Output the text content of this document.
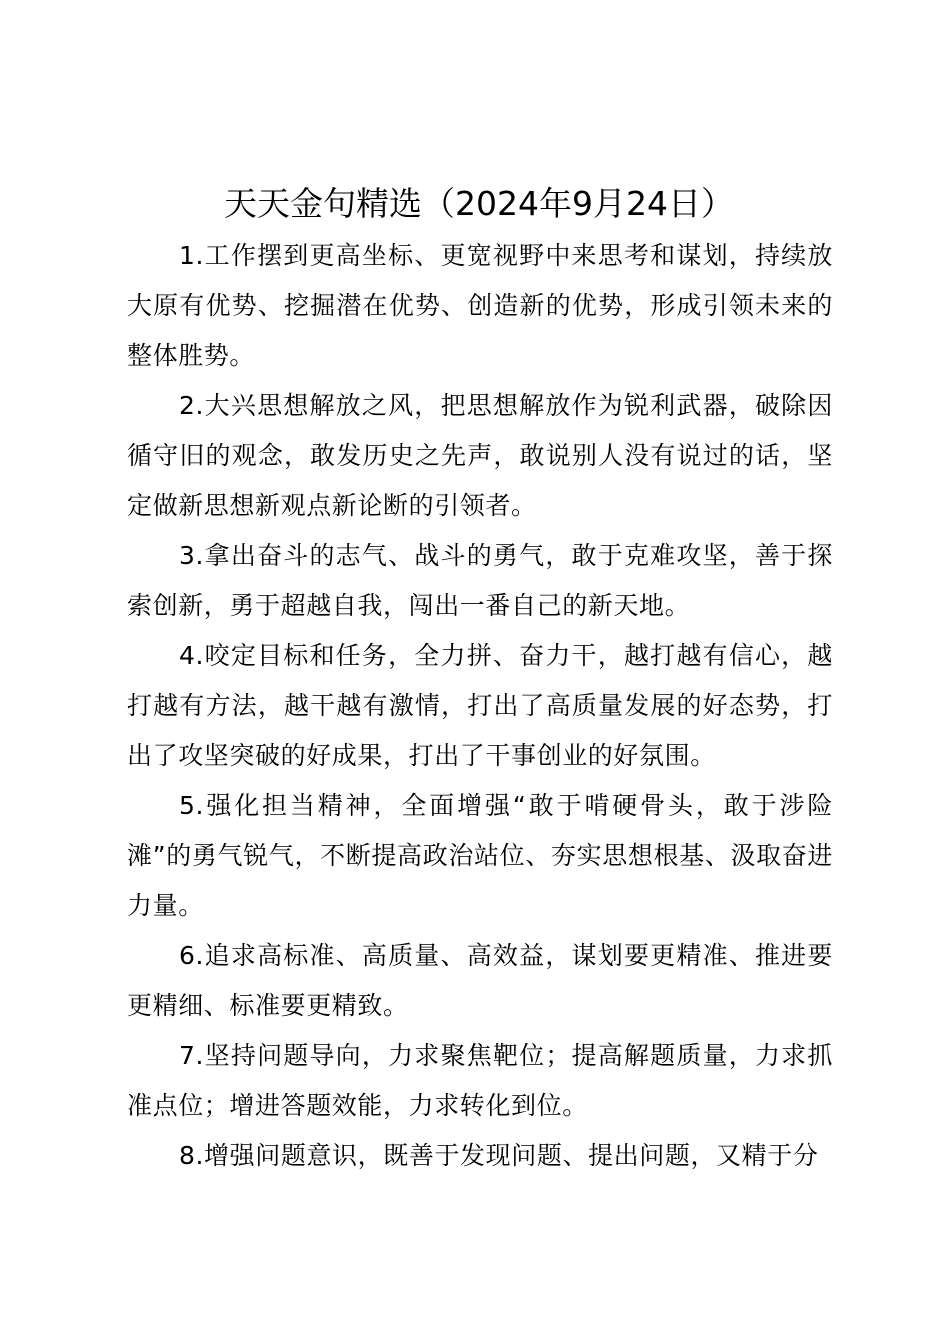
天天金句精选（2024年9月24日）

1.工作摆到更高坐标、更宽视野中来思考和谋划，持续放大原有优势、挖掘潜在优势、创造新的优势，形成引领未来的整体胜势。

2.大兴思想解放之风，把思想解放作为锐利武器，破除因循守旧的观念，敢发历史之先声，敢说别人没有说过的话，坚定做新思想新观点新论断的引领者。

3.拿出奋斗的志气、战斗的勇气，敢于克难攻坚，善于探索创新，勇于超越自我，闯出一番自己的新天地。

4.咬定目标和任务，全力拼、奋力干，越打越有信心，越打越有方法，越干越有激情，打出了高质量发展的好态势，打出了攻坚突破的好成果，打出了干事创业的好氛围。

5.强化担当精神，全面增强“敢于啃硬骨头，敢于涉险滩”的勇气锐气，不断提高政治站位、夯实思想根基、汲取奋进力量。

6.追求高标准、高质量、高效益，谋划要更精准、推进要更精细、标准要更精致。

7.坚持问题导向，力求聚焦靶位；提高解题质量，力求抓准点位；增进答题效能，力求转化到位。

8.增强问题意识，既善于发现问题、提出问题，又精于分
